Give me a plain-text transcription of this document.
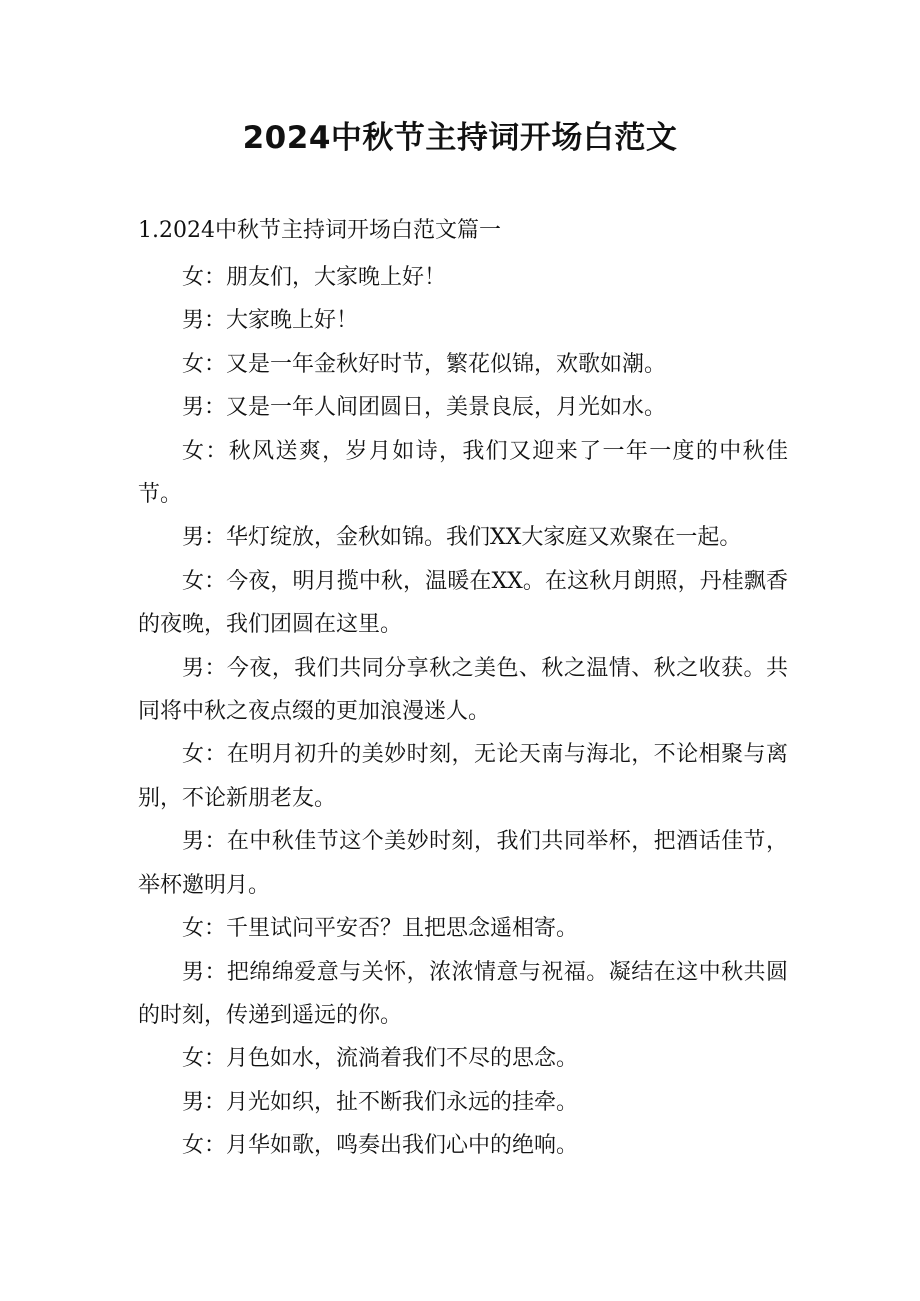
2024中秋节主持词开场白范文
1.2024中秋节主持词开场白范文篇一

女：朋友们，大家晚上好！

男：大家晚上好！

女：又是一年金秋好时节，繁花似锦，欢歌如潮。

男：又是一年人间团圆日，美景良辰，月光如水。

女：秋风送爽，岁月如诗，我们又迎来了一年一度的中秋佳节。

男：华灯绽放，金秋如锦。我们XX大家庭又欢聚在一起。

女：今夜，明月揽中秋，温暖在XX。在这秋月朗照，丹桂飘香的夜晚，我们团圆在这里。

男：今夜，我们共同分享秋之美色、秋之温情、秋之收获。共同将中秋之夜点缀的更加浪漫迷人。

女：在明月初升的美妙时刻，无论天南与海北，不论相聚与离别，不论新朋老友。

男：在中秋佳节这个美妙时刻，我们共同举杯，把酒话佳节，举杯邀明月。

女：千里试问平安否？且把思念遥相寄。

男：把绵绵爱意与关怀，浓浓情意与祝福。凝结在这中秋共圆的时刻，传递到遥远的你。

女：月色如水，流淌着我们不尽的思念。

男：月光如织，扯不断我们永远的挂牵。

女：月华如歌，鸣奏出我们心中的绝响。
